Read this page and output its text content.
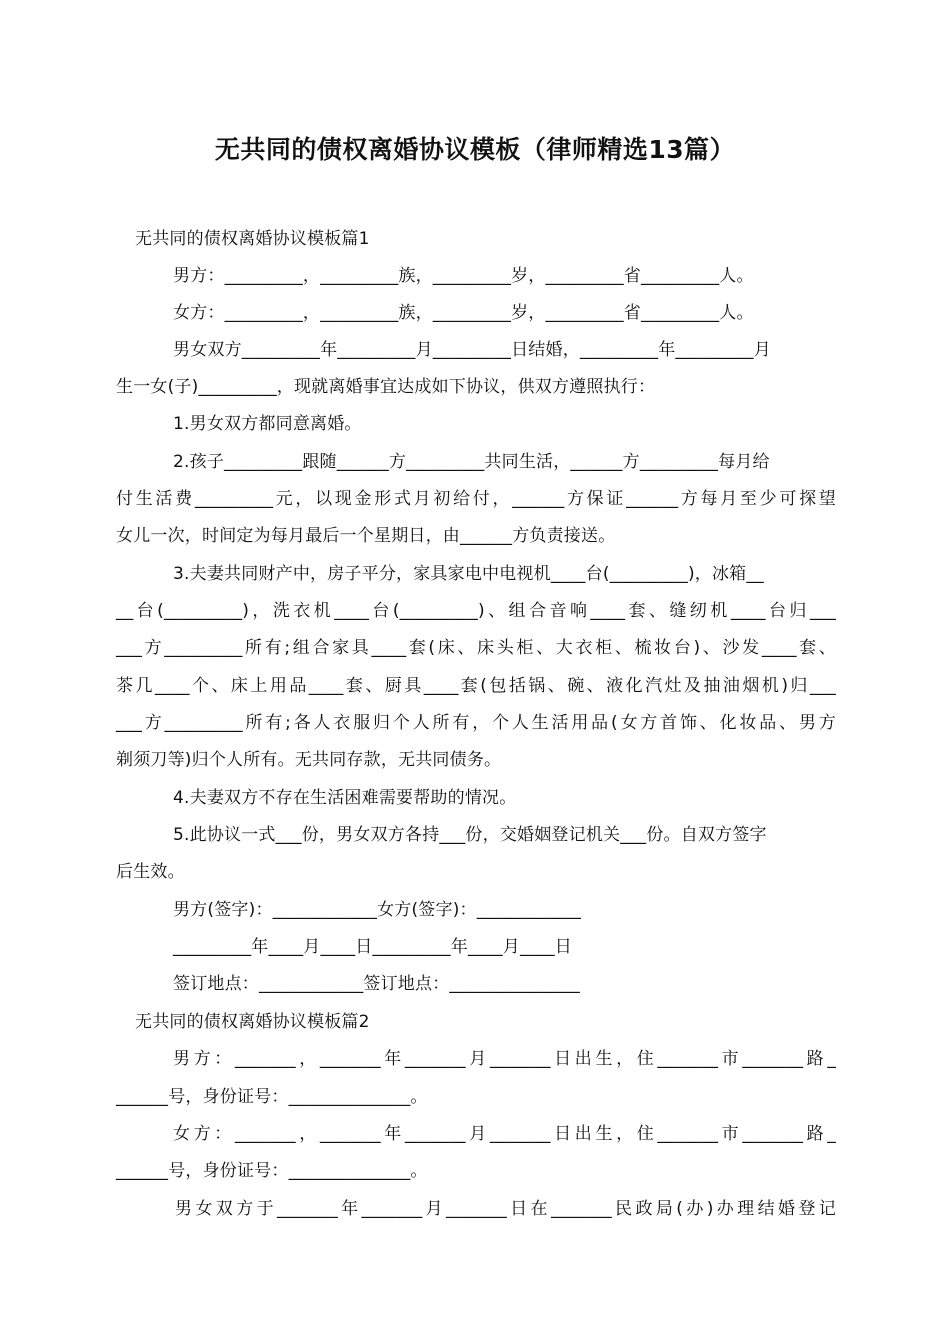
无共同的债权离婚协议模板（律师精选13篇）
无共同的债权离婚协议模板篇1
男方：_________，_________族，_________岁，_________省_________人。
女方：_________，_________族，_________岁，_________省_________人。
男女双方_________年_________月_________日结婚，_________年_________月
生一女(子)_________，现就离婚事宜达成如下协议，供双方遵照执行：
1.男女双方都同意离婚。
2.孩子_________跟随______方_________共同生活，______方_________每月给
付生活费_________元，以现金形式月初给付，______方保证______方每月至少可探望
女儿一次，时间定为每月最后一个星期日，由______方负责接送。
3.夫妻共同财产中，房子平分，家具家电中电视机____台(_________)，冰箱__
__台(_________)，洗衣机____台(_________)、组合音响____套、缝纫机____台归___
___方_________所有;组合家具____套(床、床头柜、大衣柜、梳妆台)、沙发____套、
茶几____个、床上用品____套、厨具____套(包括锅、碗、液化汽灶及抽油烟机)归___
___方_________所有;各人衣服归个人所有，个人生活用品(女方首饰、化妆品、男方
剃须刀等)归个人所有。无共同存款，无共同债务。
4.夫妻双方不存在生活困难需要帮助的情况。
5.此协议一式___份，男女双方各持___份，交婚姻登记机关___份。自双方签字
后生效。
男方(签字)：____________女方(签字)：____________
_________年____月____日_________年____月____日
签订地点：____________签订地点：_______________
无共同的债权离婚协议模板篇2
男方：_______，_______年_______月_______日出生，住_______市_______路_
______号，身份证号：______________。
女方：_______，_______年_______月_______日出生，住_______市_______路_
______号，身份证号：______________。
男女双方于_______年_______月_______日在_______民政局(办)办理结婚登记
